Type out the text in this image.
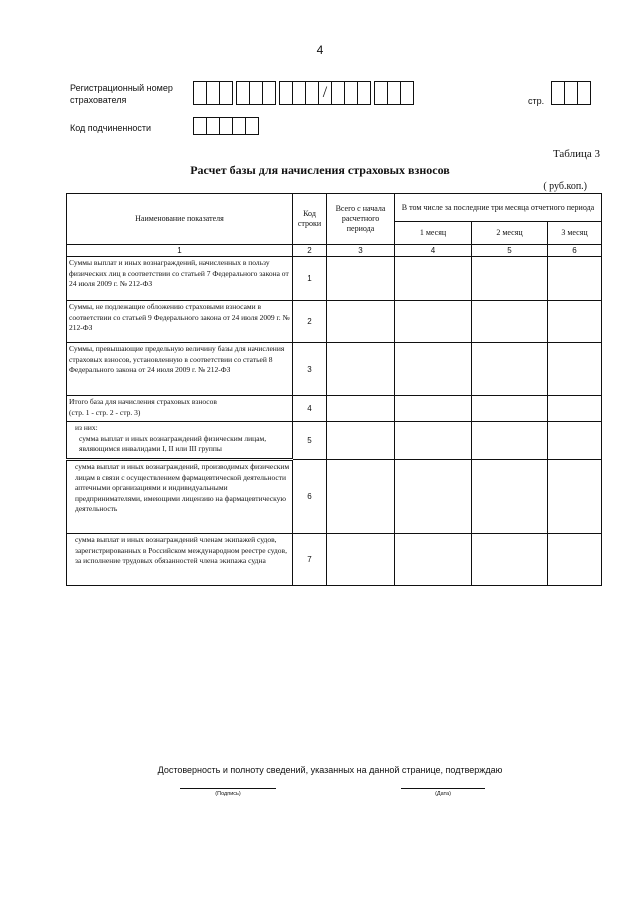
4
Регистрационный номер страхователя	/	стр.
Код подчиненности
Таблица 3
Расчет базы для начисления страховых взносов
( руб.коп.)
Наименование показателя	Код строки	Всего с начала расчетного периода	В том числе за последние три месяца отчетного периода		
			1 месяц	2 месяц	3 месяц
1	2	3	4	5	6
Суммы выплат и иных вознаграждений, начисленных в пользу физических лиц в соответствии со статьей 7 Федерального закона от 24 июля 2009 г. № 212-ФЗ	1				
Суммы, не подлежащие обложению страховыми взносами в соответствии со статьей 9 Федерального закона от 24 июля 2009 г. № 212-ФЗ	2				
Суммы, превышающие предельную величину базы для начисления страховых взносов, установленную в соответствии со статьей 8 Федерального закона от 24 июля 2009 г. № 212-ФЗ	3				

Итого база для начисления страховых взносов
(стр. 1 - стр. 2 - стр. 3)	4				

из них:
сумма выплат и иных вознаграждений физическим лицам, являющимся инвалидами I, II или III группы	5				
сумма выплат и иных вознаграждений, производимых физическим лицам в связи с осуществлением фармацевтической деятельности аптечными организациями и индивидуальными предпринимателями, имеющими лицензию на фармацевтическую деятельность	6				
сумма выплат и иных вознаграждений членам экипажей судов, зарегистрированных в Российском международном реестре судов, за исполнение трудовых обязанностей члена экипажа судна	7				
Достоверность и полноту сведений, указанных на данной странице, подтверждаю
(Подпись)	(Дата)
